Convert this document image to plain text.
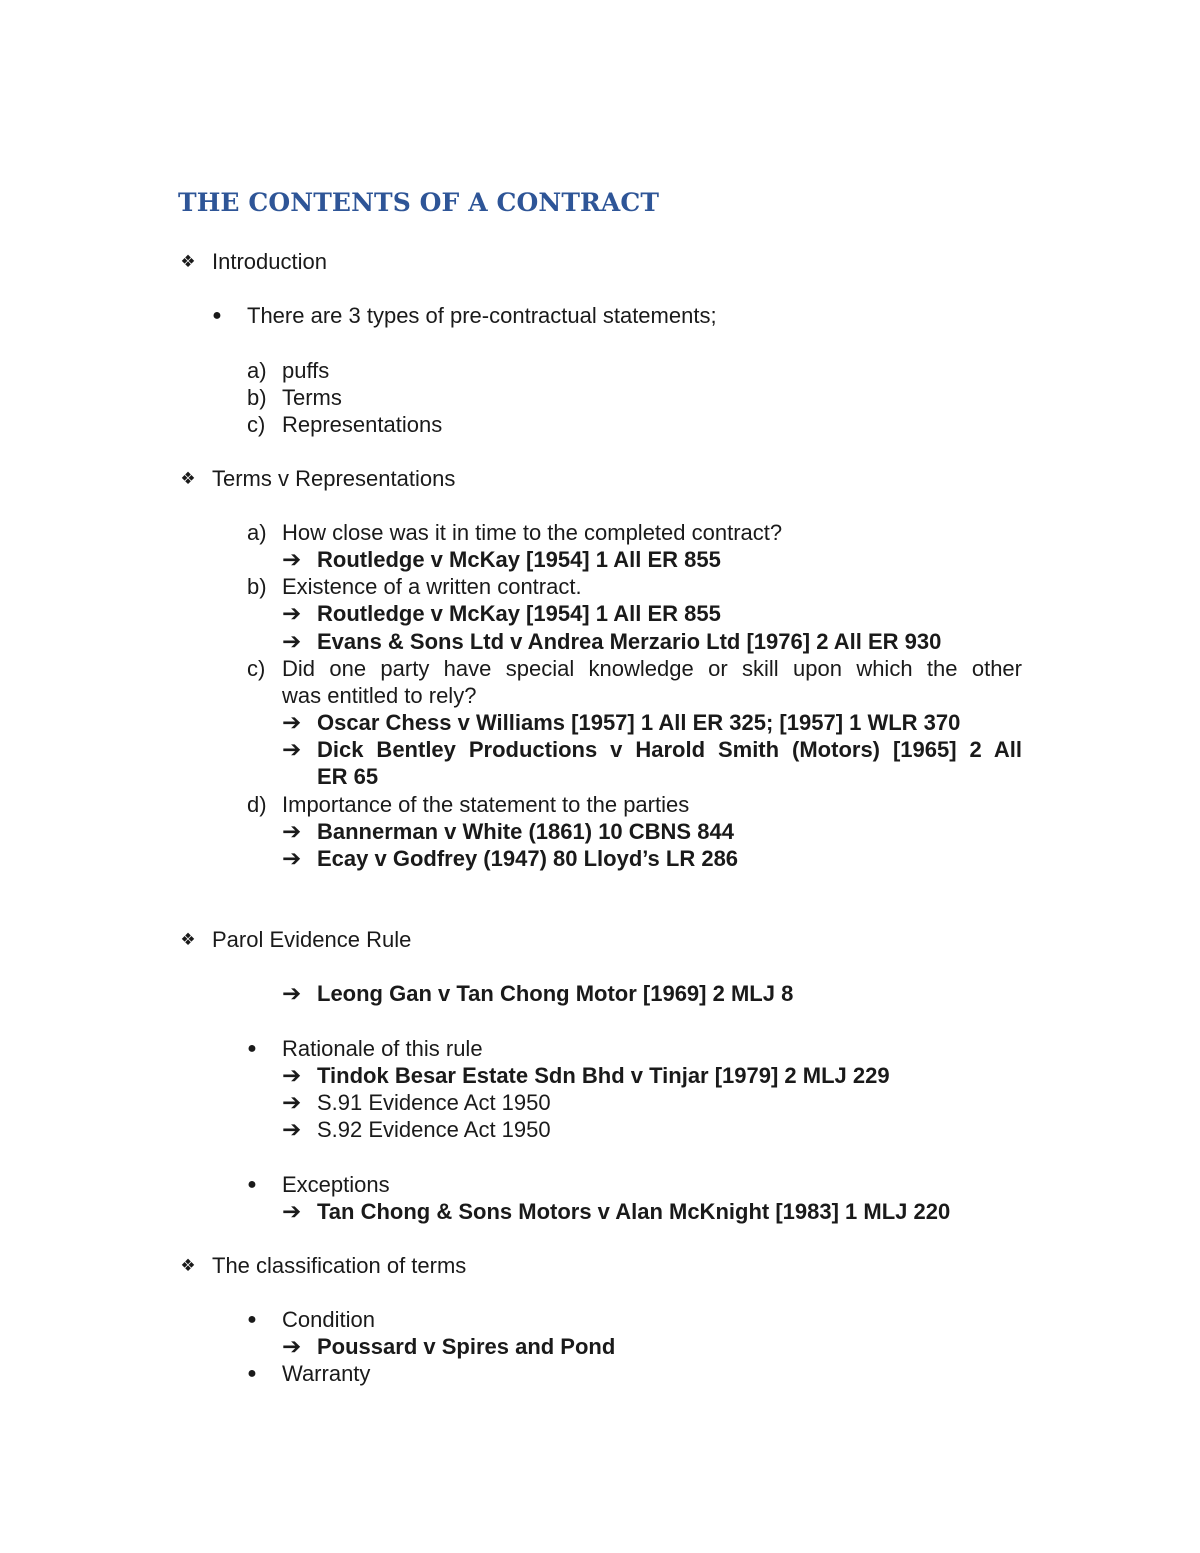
THE CONTENTS OF A CONTRACT
❖ Introduction
●	There are 3 types of pre-contractual statements;
a) puffs
b) Terms
c) Representations
❖ Terms v Representations
a) How close was it in time to the completed contract?
➔ Routledge v McKay [1954] 1 All ER 855
b) Existence of a written contract.
➔ Routledge v McKay [1954] 1 All ER 855
➔ Evans & Sons Ltd v Andrea Merzario Ltd [1976] 2 All ER 930
c) Did one party have special knowledge or skill upon which the other
was entitled to rely?
➔ Oscar Chess v Williams [1957] 1 All ER 325; [1957] 1 WLR 370
➔ Dick Bentley Productions v Harold Smith (Motors) [1965] 2 All
ER 65
d) Importance of the statement to the parties
➔ Bannerman v White (1861) 10 CBNS 844
➔ Ecay v Godfrey (1947) 80 Lloyd’s LR 286
❖ Parol Evidence Rule
➔ Leong Gan v Tan Chong Motor [1969] 2 MLJ 8
●	Rationale of this rule
➔ Tindok Besar Estate Sdn Bhd v Tinjar [1979] 2 MLJ 229
➔ S.91 Evidence Act 1950
➔ S.92 Evidence Act 1950
●	Exceptions
➔ Tan Chong & Sons Motors v Alan McKnight [1983] 1 MLJ 220
❖ The classification of terms
●	Condition
➔ Poussard v Spires and Pond
●	Warranty
